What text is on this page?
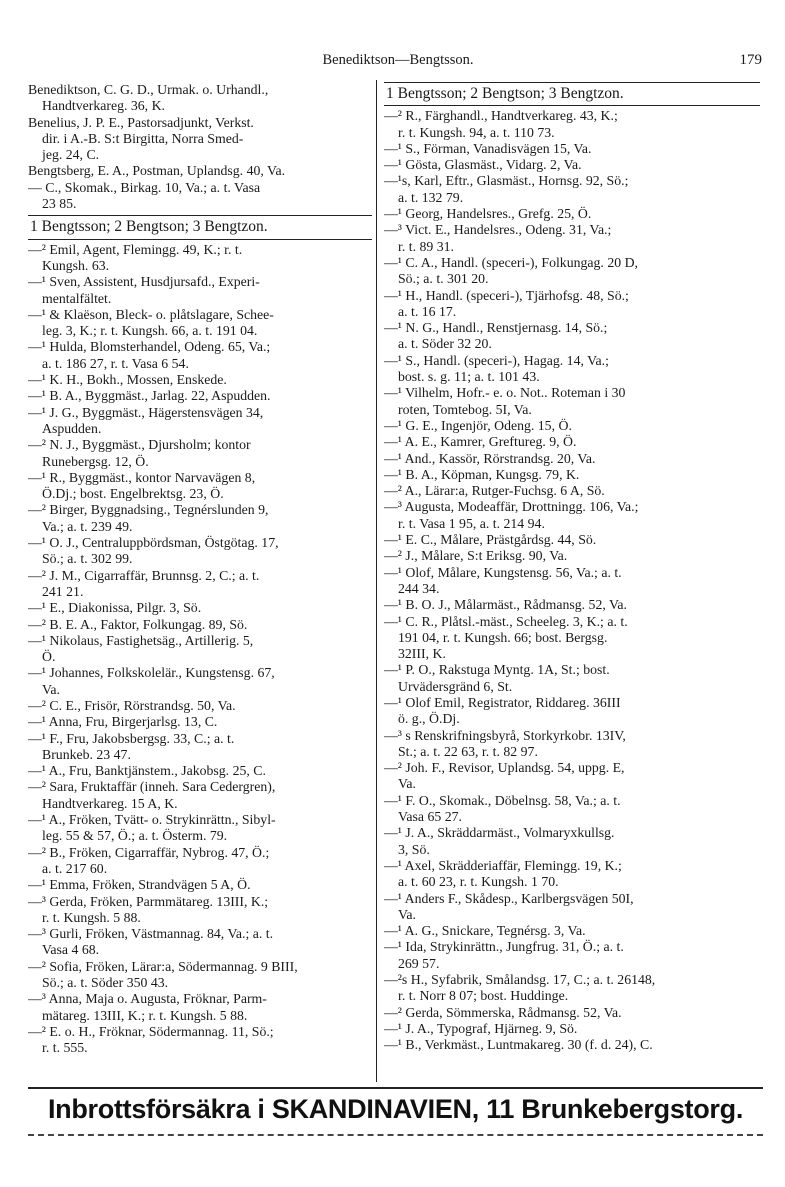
Benediktson—Bengtsson.	179
Benediktson, C. G. D., Urmak. o. Urhandl.,
Handtverkareg. 36, K.
Benelius, J. P. E., Pastorsadjunkt, Verkst.
dir. i A.-B. S:t Birgitta, Norra Smed-
jeg. 24, C.
Bengtsberg, E. A., Postman, Uplandsg. 40, Va.
— C., Skomak., Birkag. 10, Va.; a. t. Vasa
23 85.
1 Bengtsson; 2 Bengtson; 3 Bengtzon.
—² Emil, Agent, Flemingg. 49, K.; r. t.
Kungsh. 63.
—¹ Sven, Assistent, Husdjursafd., Experi-
mentalfältet.
—¹ & Klaëson, Bleck- o. plåtslagare, Schee-
leg. 3, K.; r. t. Kungsh. 66, a. t. 191 04.
—¹ Hulda, Blomsterhandel, Odeng. 65, Va.;
a. t. 186 27, r. t. Vasa 6 54.
—¹ K. H., Bokh., Mossen, Enskede.
—¹ B. A., Byggmäst., Jarlag. 22, Aspudden.
—¹ J. G., Byggmäst., Hägerstensvägen 34,
Aspudden.
—² N. J., Byggmäst., Djursholm; kontor
Runebergsg. 12, Ö.
—¹ R., Byggmäst., kontor Narvavägen 8,
Ö.Dj.; bost. Engelbrektsg. 23, Ö.
—² Birger, Byggnadsing., Tegnérslunden 9,
Va.; a. t. 239 49.
—¹ O. J., Centraluppbördsman, Östgötag. 17,
Sö.; a. t. 302 99.
—² J. M., Cigarraffär, Brunnsg. 2, C.; a. t.
241 21.
—¹ E., Diakonissa, Pilgr. 3, Sö.
—² B. E. A., Faktor, Folkungag. 89, Sö.
—¹ Nikolaus, Fastighetsäg., Artillerig. 5,
Ö.
—¹ Johannes, Folkskolelär., Kungstensg. 67,
Va.
—² C. E., Frisör, Rörstrandsg. 50, Va.
—¹ Anna, Fru, Birgerjarlsg. 13, C.
—¹ F., Fru, Jakobsbergsg. 33, C.; a. t.
Brunkeb. 23 47.
—¹ A., Fru, Banktjänstem., Jakobsg. 25, C.
—² Sara, Fruktaffär (inneh. Sara Cedergren),
Handtverkareg. 15 A, K.
—¹ A., Fröken, Tvätt- o. Strykinrättn., Sibyl-
leg. 55 & 57, Ö.; a. t. Österm. 79.
—² B., Fröken, Cigarraffär, Nybrog. 47, Ö.;
a. t. 217 60.
—¹ Emma, Fröken, Strandvägen 5 A, Ö.
—³ Gerda, Fröken, Parmmätareg. 13III, K.;
r. t. Kungsh. 5 88.
—³ Gurli, Fröken, Västmannag. 84, Va.; a. t.
Vasa 4 68.
—² Sofia, Fröken, Lärar:a, Södermannag. 9 BIII,
Sö.; a. t. Söder 350 43.
—³ Anna, Maja o. Augusta, Fröknar, Parm-
mätareg. 13III, K.; r. t. Kungsh. 5 88.
—² E. o. H., Fröknar, Södermannag. 11, Sö.;
r. t. 555.
1 Bengtsson; 2 Bengtson; 3 Bengtzon.
—² R., Färghandl., Handtverkareg. 43, K.;
r. t. Kungsh. 94, a. t. 110 73.
—¹ S., Förman, Vanadisvägen 15, Va.
—¹ Gösta, Glasmäst., Vidarg. 2, Va.
—¹s, Karl, Eftr., Glasmäst., Hornsg. 92, Sö.;
a. t. 132 79.
—¹ Georg, Handelsres., Grefg. 25, Ö.
—³ Vict. E., Handelsres., Odeng. 31, Va.;
r. t. 89 31.
—¹ C. A., Handl. (speceri-), Folkungag. 20 D,
Sö.; a. t. 301 20.
—¹ H., Handl. (speceri-), Tjärhofsg. 48, Sö.;
a. t. 16 17.
—¹ N. G., Handl., Renstjernasg. 14, Sö.;
a. t. Söder 32 20.
—¹ S., Handl. (speceri-), Hagag. 14, Va.;
bost. s. g. 11; a. t. 101 43.
—¹ Vilhelm, Hofr.- e. o. Not.. Roteman i 30
roten, Tomtebog. 5I, Va.
—¹ G. E., Ingenjör, Odeng. 15, Ö.
—¹ A. E., Kamrer, Greftureg. 9, Ö.
—¹ And., Kassör, Rörstrandsg. 20, Va.
—¹ B. A., Köpman, Kungsg. 79, K.
—² A., Lärar:a, Rutger-Fuchsg. 6 A, Sö.
—³ Augusta, Modeaffär, Drottningg. 106, Va.;
r. t. Vasa 1 95, a. t. 214 94.
—¹ E. C., Målare, Prästgårdsg. 44, Sö.
—² J., Målare, S:t Eriksg. 90, Va.
—¹ Olof, Målare, Kungstensg. 56, Va.; a. t.
244 34.
—¹ B. O. J., Målarmäst., Rådmansg. 52, Va.
—¹ C. R., Plåtsl.-mäst., Scheeleg. 3, K.; a. t.
191 04, r. t. Kungsh. 66; bost. Bergsg.
32III, K.
—¹ P. O., Rakstuga Myntg. 1A, St.; bost.
Urvädersgränd 6, St.
—¹ Olof Emil, Registrator, Riddareg. 36III
ö. g., Ö.Dj.
—³ s Renskrifningsbyrå, Storkyrkobr. 13IV,
St.; a. t. 22 63, r. t. 82 97.
—² Joh. F., Revisor, Uplandsg. 54, uppg. E,
Va.
—¹ F. O., Skomak., Döbelnsg. 58, Va.; a. t.
Vasa 65 27.
—¹ J. A., Skräddarmäst., Volmaryxkullsg.
3, Sö.
—¹ Axel, Skrädderiaffär, Flemingg. 19, K.;
a. t. 60 23, r. t. Kungsh. 1 70.
—¹ Anders F., Skådesp., Karlbergsvägen 50I,
Va.
—¹ A. G., Snickare, Tegnérsg. 3, Va.
—¹ Ida, Strykinrättn., Jungfrug. 31, Ö.; a. t.
269 57.
—²s H., Syfabrik, Smålandsg. 17, C.; a. t. 26148,
r. t. Norr 8 07; bost. Huddinge.
—² Gerda, Sömmerska, Rådmansg. 52, Va.
—¹ J. A., Typograf, Hjärneg. 9, Sö.
—¹ B., Verkmäst., Luntmakareg. 30 (f. d. 24), C.
Inbrottsförsäkra i SKANDINAVIEN, 11 Brunkebergstorg.
